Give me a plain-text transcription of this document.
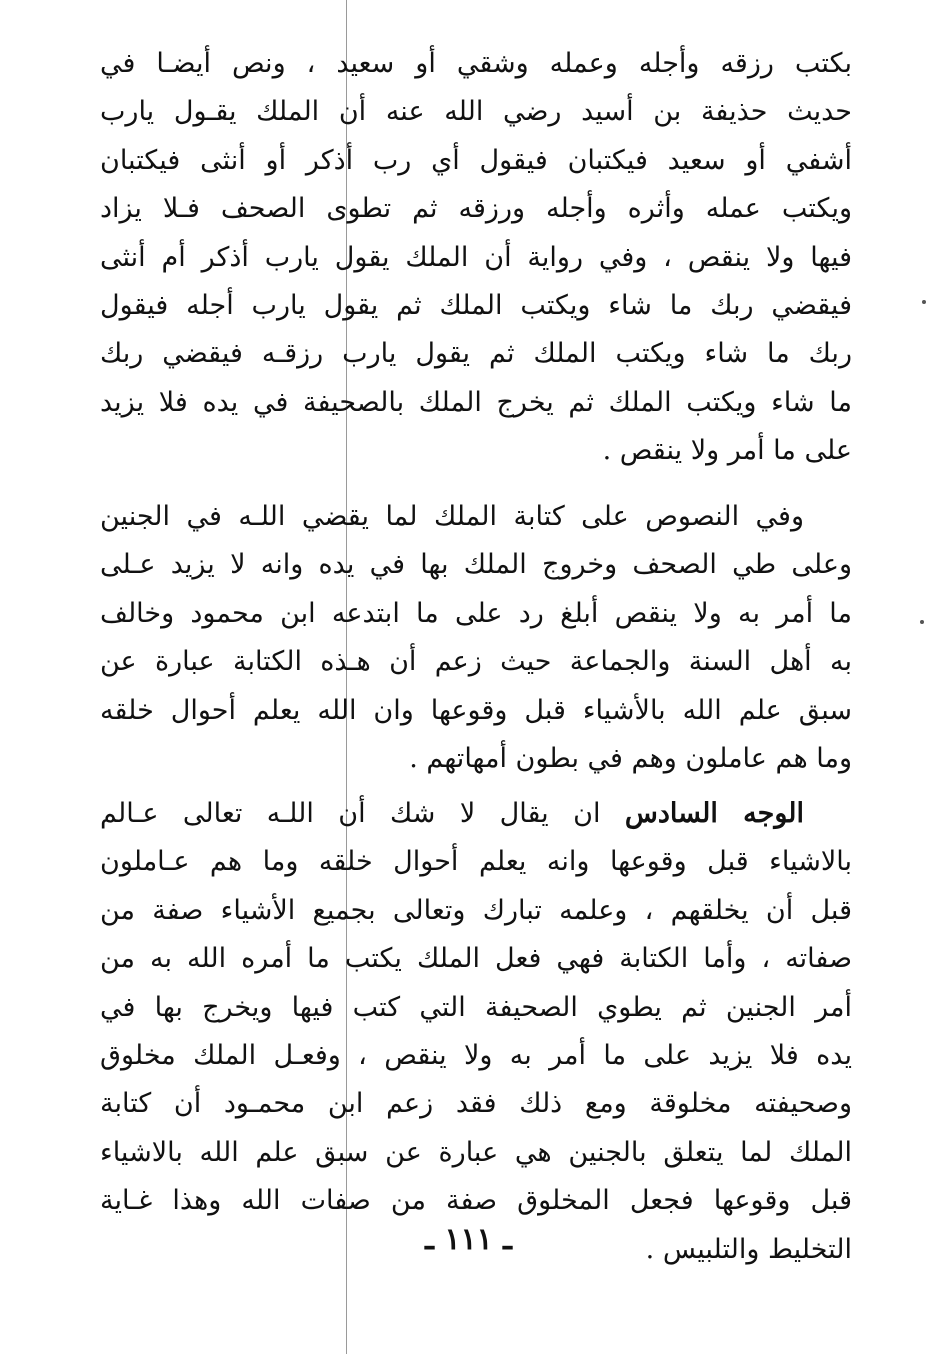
بكتب رزقه وأجله وعمله وشقي أو سعيد ، ونص أيضـا في
حديث حذيفة بن أسيد رضي الله عنه أن الملك يقـول يارب
أشفي أو سعيد فيكتبان فيقول أي رب أذكر أو أنثى فيكتبان
ويكتب عمله وأثره وأجله ورزقه ثم تطوى الصحف فـلا يزاد
فيها ولا ينقص ، وفي رواية أن الملك يقول يارب أذكر أم أنثى
فيقضي ربك ما شاء ويكتب الملك ثم يقول يارب أجله فيقول
ربك ما شاء ويكتب الملك ثم يقول يارب رزقـه فيقضي ربك
ما شاء ويكتب الملك ثم يخرج الملك بالصحيفة في يده فلا يزيد
على ما أمر ولا ينقص .
وفي النصوص على كتابة الملك لما يقضي اللـه في الجنين
وعلى طي الصحف وخروج الملك بها في يده وانه لا يزيد عـلى
ما أمر به ولا ينقص أبلغ رد على ما ابتدعه ابن محمود وخالف
به أهل السنة والجماعة حيث زعم أن هـذه الكتابة عبارة عن
سبق علم الله بالأشياء قبل وقوعها وان الله يعلم أحوال خلقه
وما هم عاملون وهم في بطون أمهاتهم .
الوجه السادس ان يقال لا شك أن اللـه تعالى عـالم
بالاشياء قبل وقوعها وانه يعلم أحوال خلقه وما هم عـاملون
قبل أن يخلقهم ، وعلمه تبارك وتعالى بجميع الأشياء صفة من
صفاته ، وأما الكتابة فهي فعل الملك يكتب ما أمره الله به من
أمر الجنين ثم يطوي الصحيفة التي كتب فيها ويخرج بها في
يده فلا يزيد على ما أمر به ولا ينقص ، وفعـل الملك مخلوق
وصحيفته مخلوقة ومع ذلك فقد زعم ابن محمـود أن كتابة
الملك لما يتعلق بالجنين هي عبارة عن سبق علم الله بالاشياء
قبل وقوعها فجعل المخلوق صفة من صفات الله وهذا غـاية
التخليط والتلبيس .
ـ ١١١ ـ
